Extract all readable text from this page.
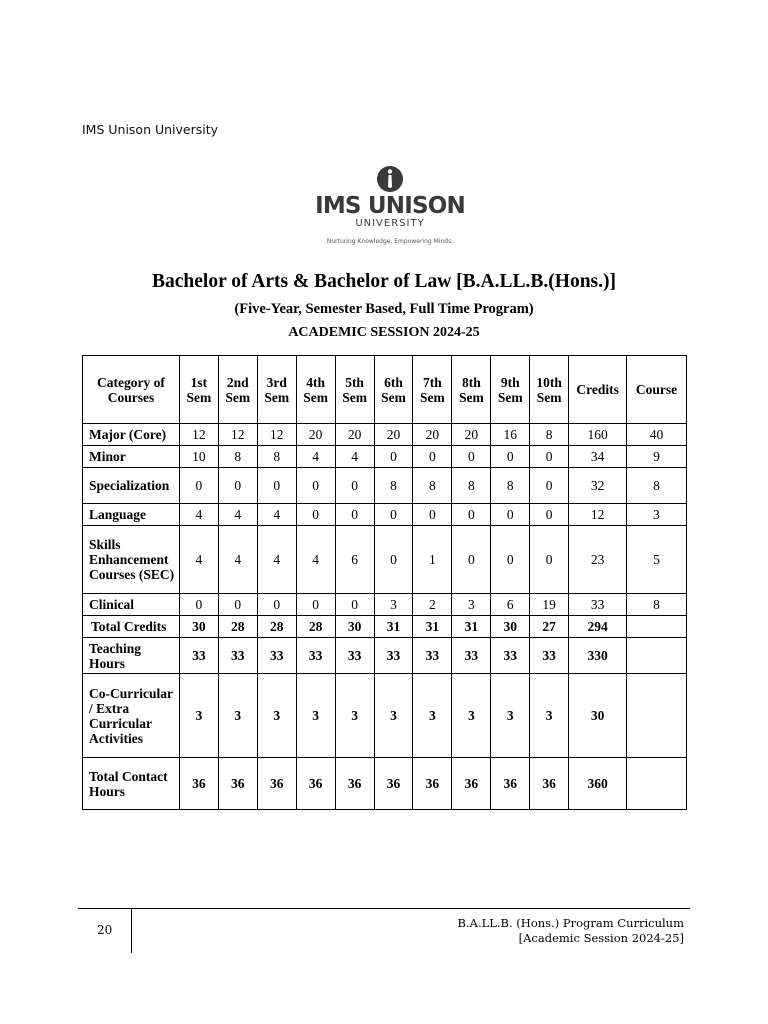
IMS Unison University
IMS UNISON
UNIVERSITY
Nurturing Knowledge. Empowering Minds.
Bachelor of Arts & Bachelor of Law [B.A.LL.B.(Hons.)]
(Five-Year, Semester Based, Full Time Program)
ACADEMIC SESSION 2024-25
Category of Courses	1st Sem	2nd Sem	3rd Sem	4th Sem	5th Sem	6th Sem	7th Sem	8th Sem	9th Sem	10th Sem	Credits	Course
Major (Core)	12	12	12	20	20	20	20	20	16	8	160	40
Minor	10	8	8	4	4	0	0	0	0	0	34	9
Specialization	0	0	0	0	0	8	8	8	8	0	32	8
Language	4	4	4	0	0	0	0	0	0	0	12	3
Skills Enhancement Courses (SEC)	4	4	4	4	6	0	1	0	0	0	23	5
Clinical	0	0	0	0	0	3	2	3	6	19	33	8
Total Credits	30	28	28	28	30	31	31	31	30	27	294	
Teaching Hours	33	33	33	33	33	33	33	33	33	33	330	
Co-Curricular / Extra Curricular Activities	3	3	3	3	3	3	3	3	3	3	30	
Total Contact Hours	36	36	36	36	36	36	36	36	36	36	360	
20	B.A.LL.B. (Hons.) Program Curriculum
[Academic Session 2024-25]
